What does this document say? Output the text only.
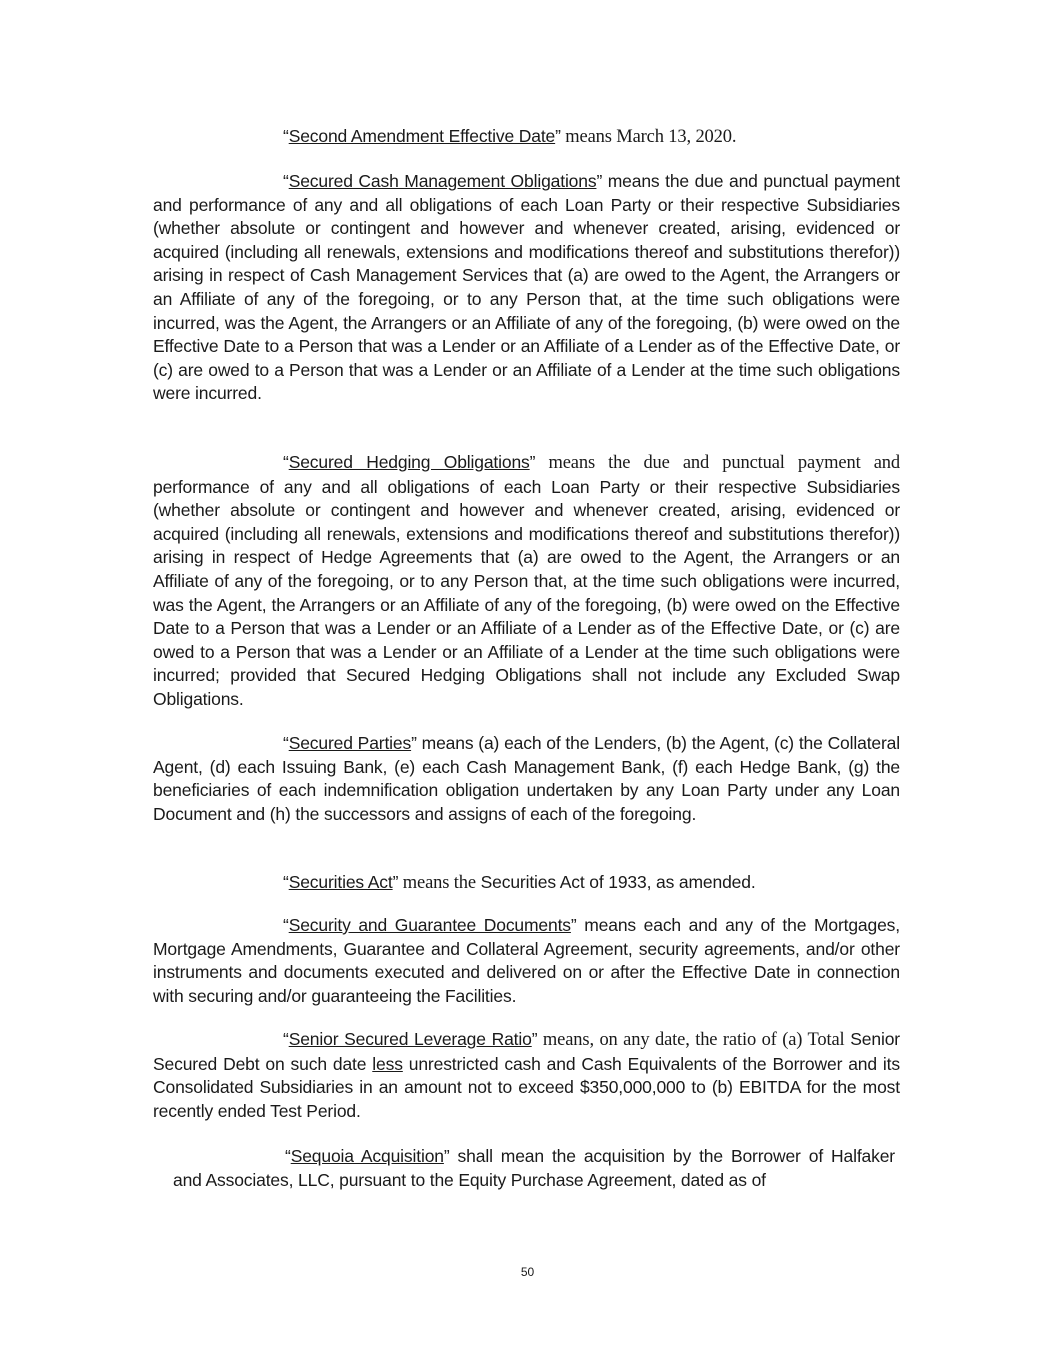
“Second Amendment Effective Date” means March 13, 2020.

“Secured Cash Management Obligations” means the due and punctual payment and performance of any and all obligations of each Loan Party or their respective Subsidiaries (whether absolute or contingent and however and whenever created, arising, evidenced or acquired (including all renewals, extensions and modifications thereof and substitutions therefor)) arising in respect of Cash Management Services that (a) are owed to the Agent, the Arrangers or an Affiliate of any of the foregoing, or to any Person that, at the time such obligations were incurred, was the Agent, the Arrangers or an Affiliate of any of the foregoing, (b) were owed on the Effective Date to a Person that was a Lender or an Affiliate of a Lender as of the Effective Date, or (c) are owed to a Person that was a Lender or an Affiliate of a Lender at the time such obligations were incurred.

“Secured Hedging Obligations” means the due and punctual payment and performance of any and all obligations of each Loan Party or their respective Subsidiaries (whether absolute or contingent and however and whenever created, arising, evidenced or acquired (including all renewals, extensions and modifications thereof and substitutions therefor)) arising in respect of Hedge Agreements that (a) are owed to the Agent, the Arrangers or an Affiliate of any of the foregoing, or to any Person that, at the time such obligations were incurred, was the Agent, the Arrangers or an Affiliate of any of the foregoing, (b) were owed on the Effective Date to a Person that was a Lender or an Affiliate of a Lender as of the Effective Date, or (c) are owed to a Person that was a Lender or an Affiliate of a Lender at the time such obligations were incurred; provided that Secured Hedging Obligations shall not include any Excluded Swap Obligations.

“Secured Parties” means (a) each of the Lenders, (b) the Agent, (c) the Collateral Agent, (d) each Issuing Bank, (e) each Cash Management Bank, (f) each Hedge Bank, (g) the beneficiaries of each indemnification obligation undertaken by any Loan Party under any Loan Document and (h) the successors and assigns of each of the foregoing.

“Securities Act” means the Securities Act of 1933, as amended.

“Security and Guarantee Documents” means each and any of the Mortgages, Mortgage Amendments, Guarantee and Collateral Agreement, security agreements, and/or other instruments and documents executed and delivered on or after the Effective Date in connection with securing and/or guaranteeing the Facilities.

“Senior Secured Leverage Ratio” means, on any date, the ratio of (a) Total Senior Secured Debt on such date less unrestricted cash and Cash Equivalents of the Borrower and its Consolidated Subsidiaries in an amount not to exceed $350,000,000 to (b) EBITDA for the most recently ended Test Period.

“Sequoia Acquisition” shall mean the acquisition by the Borrower of Halfaker and Associates, LLC, pursuant to the Equity Purchase Agreement, dated as of

50
